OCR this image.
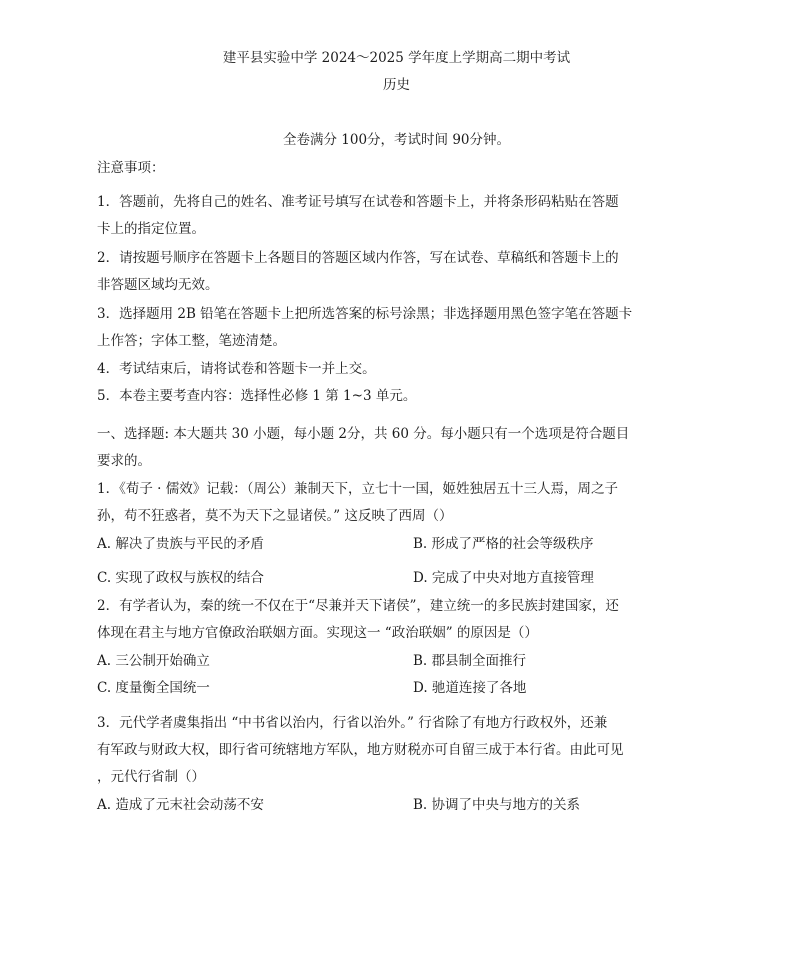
建平县实验中学 2024～2025 学年度上学期高二期中考试
历史
全卷满分 100分，考试时间 90分钟。
注意事项：
1．答题前，先将自己的姓名、准考证号填写在试卷和答题卡上，并将条形码粘贴在答题
卡上的指定位置。
2．请按题号顺序在答题卡上各题目的答题区域内作答，写在试卷、草稿纸和答题卡上的
非答题区域均无效。
3．选择题用 2B 铅笔在答题卡上把所选答案的标号涂黑；非选择题用黑色签字笔在答题卡
上作答；字体工整，笔迹清楚。
4．考试结束后，请将试卷和答题卡一并上交。
5．本卷主要考查内容：选择性必修 1 第 1~3 单元。
一、选择题: 本大题共 30 小题，每小题 2分，共 60 分。每小题只有一个选项是符合题目
要求的。
1．《荀子 · 儒效》记载：（周公）兼制天下，立七十一国，姬姓独居五十三人焉，周之子
孙，苟不狂惑者，莫不为天下之显诸侯。” 这反映了西周（）
A. 解决了贵族与平民的矛盾	B. 形成了严格的社会等级秩序
C. 实现了政权与族权的结合	D. 完成了中央对地方直接管理
2．有学者认为，秦的统一不仅在于“尽兼并天下诸侯”，建立统一的多民族封建国家，还
体现在君主与地方官僚政治联姻方面。实现这一 “政治联姻” 的原因是（）
A. 三公制开始确立	B. 郡县制全面推行
C. 度量衡全国统一	D. 驰道连接了各地
3．元代学者虞集指出 “中书省以治内，行省以治外。” 行省除了有地方行政权外，还兼
有军政与财政大权，即行省可统辖地方军队，地方财税亦可自留三成于本行省。由此可见
，元代行省制（）
A. 造成了元末社会动荡不安	B. 协调了中央与地方的关系
